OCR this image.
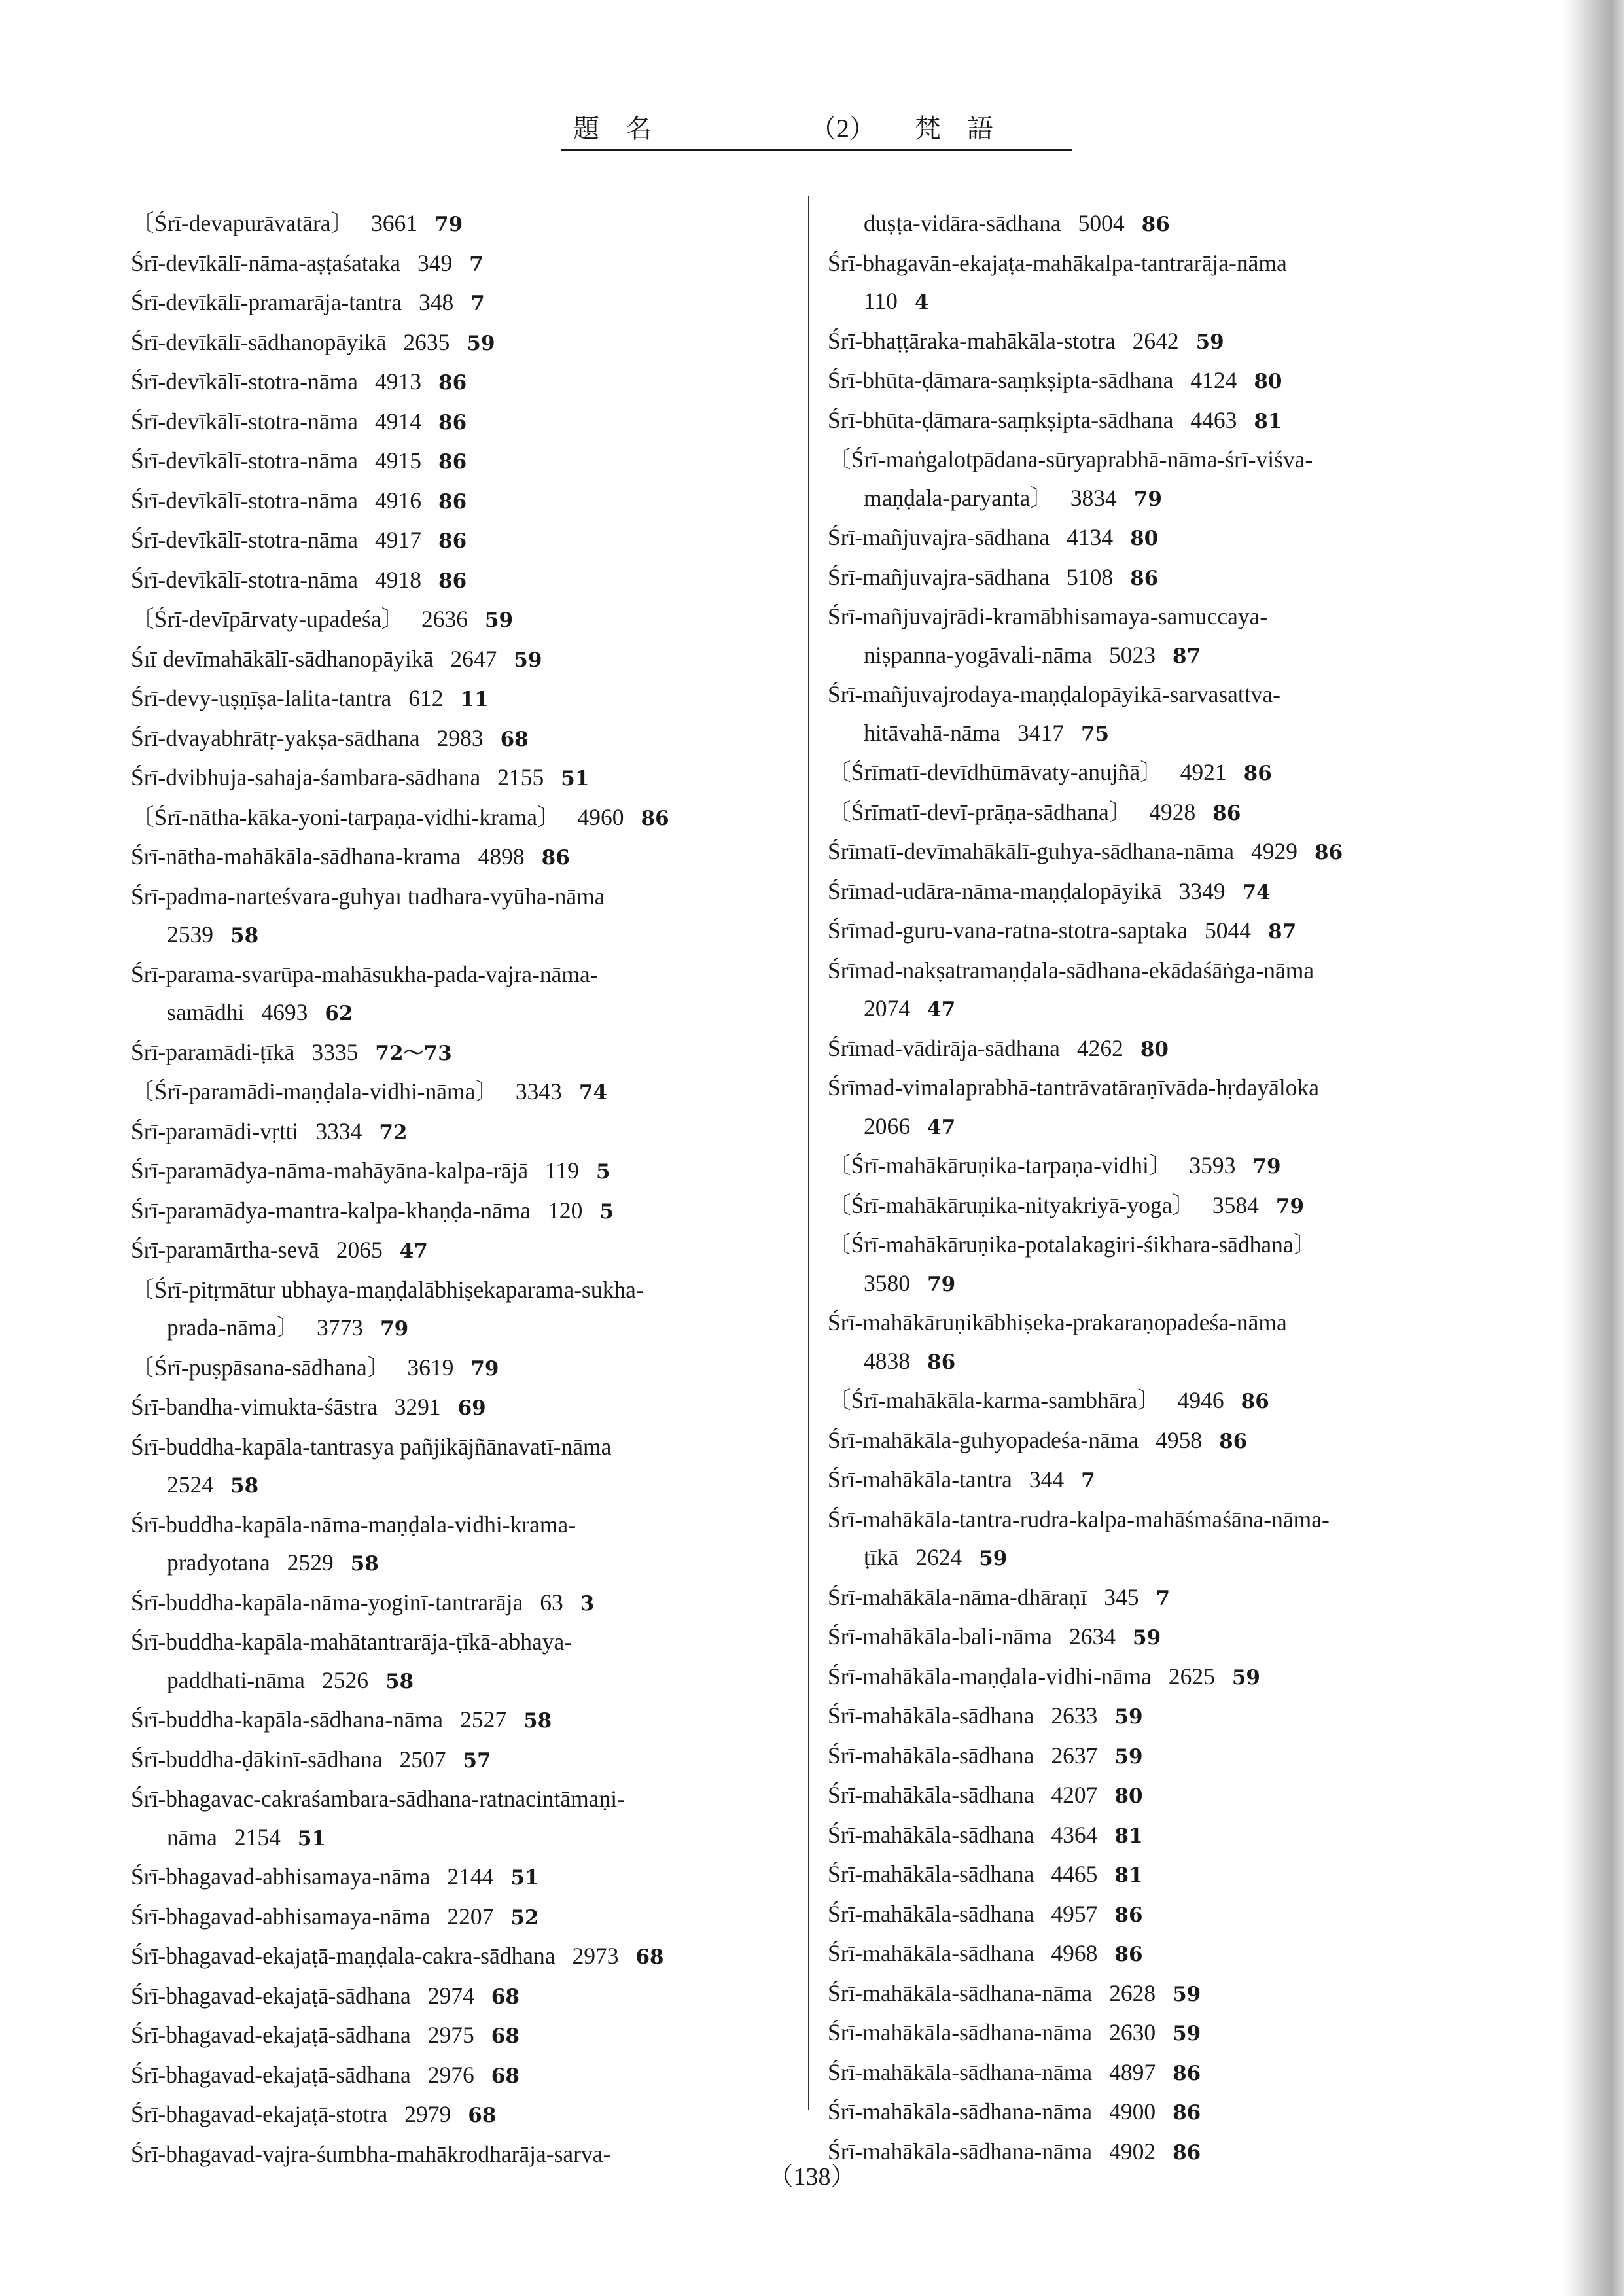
題　名	（2） 梵　語
〔Śrī-devapurāvatāra〕 3661 79
Śrī-devīkālī-nāma-aṣṭaśataka 349 7
Śrī-devīkālī-pramarāja-tantra 348 7
Śrī-devīkālī-sādhanopāyikā 2635 59
Śrī-devīkālī-stotra-nāma 4913 86
Śrī-devīkālī-stotra-nāma 4914 86
Śrī-devīkālī-stotra-nāma 4915 86
Śrī-devīkālī-stotra-nāma 4916 86
Śrī-devīkālī-stotra-nāma 4917 86
Śrī-devīkālī-stotra-nāma 4918 86
〔Śrī-devīpārvaty-upadeśa〕 2636 59
Śıī devīmahākālī-sādhanopāyikā 2647 59
Śrī-devy-uṣṇīṣa-lalita-tantra 612 11
Śrī-dvayabhrātṛ-yakṣa-sādhana 2983 68
Śrī-dvibhuja-sahaja-śambara-sādhana 2155 51
〔Śrī-nātha-kāka-yoni-tarpaṇa-vidhi-krama〕 4960 86
Śrī-nātha-mahākāla-sādhana-krama 4898 86
Śrī-padma-narteśvara-guhyaı tıadhara-vyūha-nāma
2539 58
Śrī-parama-svarūpa-mahāsukha-pada-vajra-nāma-
samādhi 4693 62
Śrī-paramādi-ṭīkā 3335 72～73
〔Śrī-paramādi-maṇḍala-vidhi-nāma〕 3343 74
Śrī-paramādi-vṛtti 3334 72
Śrī-paramādya-nāma-mahāyāna-kalpa-rājā 119 5
Śrī-paramādya-mantra-kalpa-khaṇḍa-nāma 120 5
Śrī-paramārtha-sevā 2065 47
〔Śrī-pitṛmātur ubhaya-maṇḍalābhiṣekaparama-sukha-
prada-nāma〕 3773 79
〔Śrī-puṣpāsana-sādhana〕 3619 79
Śrī-bandha-vimukta-śāstra 3291 69
Śrī-buddha-kapāla-tantrasya pañjikājñānavatī-nāma
2524 58
Śrī-buddha-kapāla-nāma-maṇḍala-vidhi-krama-
pradyotana 2529 58
Śrī-buddha-kapāla-nāma-yoginī-tantrarāja 63 3
Śrī-buddha-kapāla-mahātantrarāja-ṭīkā-abhaya-
paddhati-nāma 2526 58
Śrī-buddha-kapāla-sādhana-nāma 2527 58
Śrī-buddha-ḍākinī-sādhana 2507 57
Śrī-bhagavac-cakraśambara-sādhana-ratnacintāmaṇi-
nāma 2154 51
Śrī-bhagavad-abhisamaya-nāma 2144 51
Śrī-bhagavad-abhisamaya-nāma 2207 52
Śrī-bhagavad-ekajaṭā-maṇḍala-cakra-sādhana 2973 68
Śrī-bhagavad-ekajaṭā-sādhana 2974 68
Śrī-bhagavad-ekajaṭā-sādhana 2975 68
Śrī-bhagavad-ekajaṭā-sādhana 2976 68
Śrī-bhagavad-ekajaṭā-stotra 2979 68
Śrī-bhagavad-vajra-śumbha-mahākrodharāja-sarva-
duṣṭa-vidāra-sādhana 5004 86
Śrī-bhagavān-ekajaṭa-mahākalpa-tantrarāja-nāma
110 4
Śrī-bhaṭṭāraka-mahākāla-stotra 2642 59
Śrī-bhūta-ḍāmara-saṃkṣipta-sādhana 4124 80
Śrī-bhūta-ḍāmara-saṃkṣipta-sādhana 4463 81
〔Śrī-maṅgalotpādana-sūryaprabhā-nāma-śrī-viśva-
maṇḍala-paryanta〕 3834 79
Śrī-mañjuvajra-sādhana 4134 80
Śrī-mañjuvajra-sādhana 5108 86
Śrī-mañjuvajrādi-kramābhisamaya-samuccaya-
niṣpanna-yogāvali-nāma 5023 87
Śrī-mañjuvajrodaya-maṇḍalopāyikā-sarvasattva-
hitāvahā-nāma 3417 75
〔Śrīmatī-devīdhūmāvaty-anujñā〕 4921 86
〔Śrīmatī-devī-prāṇa-sādhana〕 4928 86
Śrīmatī-devīmahākālī-guhya-sādhana-nāma 4929 86
Śrīmad-udāra-nāma-maṇḍalopāyikā 3349 74
Śrīmad-guru-vana-ratna-stotra-saptaka 5044 87
Śrīmad-nakṣatramaṇḍala-sādhana-ekādaśāṅga-nāma
2074 47
Śrīmad-vādirāja-sādhana 4262 80
Śrīmad-vimalaprabhā-tantrāvatāraṇīvāda-hṛdayāloka
2066 47
〔Śrī-mahākāruṇika-tarpaṇa-vidhi〕 3593 79
〔Śrī-mahākāruṇika-nityakriyā-yoga〕 3584 79
〔Śrī-mahākāruṇika-potalakagiri-śikhara-sādhana〕
3580 79
Śrī-mahākāruṇikābhiṣeka-prakaraṇopadeśa-nāma
4838 86
〔Śrī-mahākāla-karma-sambhāra〕 4946 86
Śrī-mahākāla-guhyopadeśa-nāma 4958 86
Śrī-mahākāla-tantra 344 7
Śrī-mahākāla-tantra-rudra-kalpa-mahāśmaśāna-nāma-
ṭīkā 2624 59
Śrī-mahākāla-nāma-dhāraṇī 345 7
Śrī-mahākāla-bali-nāma 2634 59
Śrī-mahākāla-maṇḍala-vidhi-nāma 2625 59
Śrī-mahākāla-sādhana 2633 59
Śrī-mahākāla-sādhana 2637 59
Śrī-mahākāla-sādhana 4207 80
Śrī-mahākāla-sādhana 4364 81
Śrī-mahākāla-sādhana 4465 81
Śrī-mahākāla-sādhana 4957 86
Śrī-mahākāla-sādhana 4968 86
Śrī-mahākāla-sādhana-nāma 2628 59
Śrī-mahākāla-sādhana-nāma 2630 59
Śrī-mahākāla-sādhana-nāma 4897 86
Śrī-mahākāla-sādhana-nāma 4900 86
Śrī-mahākāla-sādhana-nāma 4902 86
（138）
